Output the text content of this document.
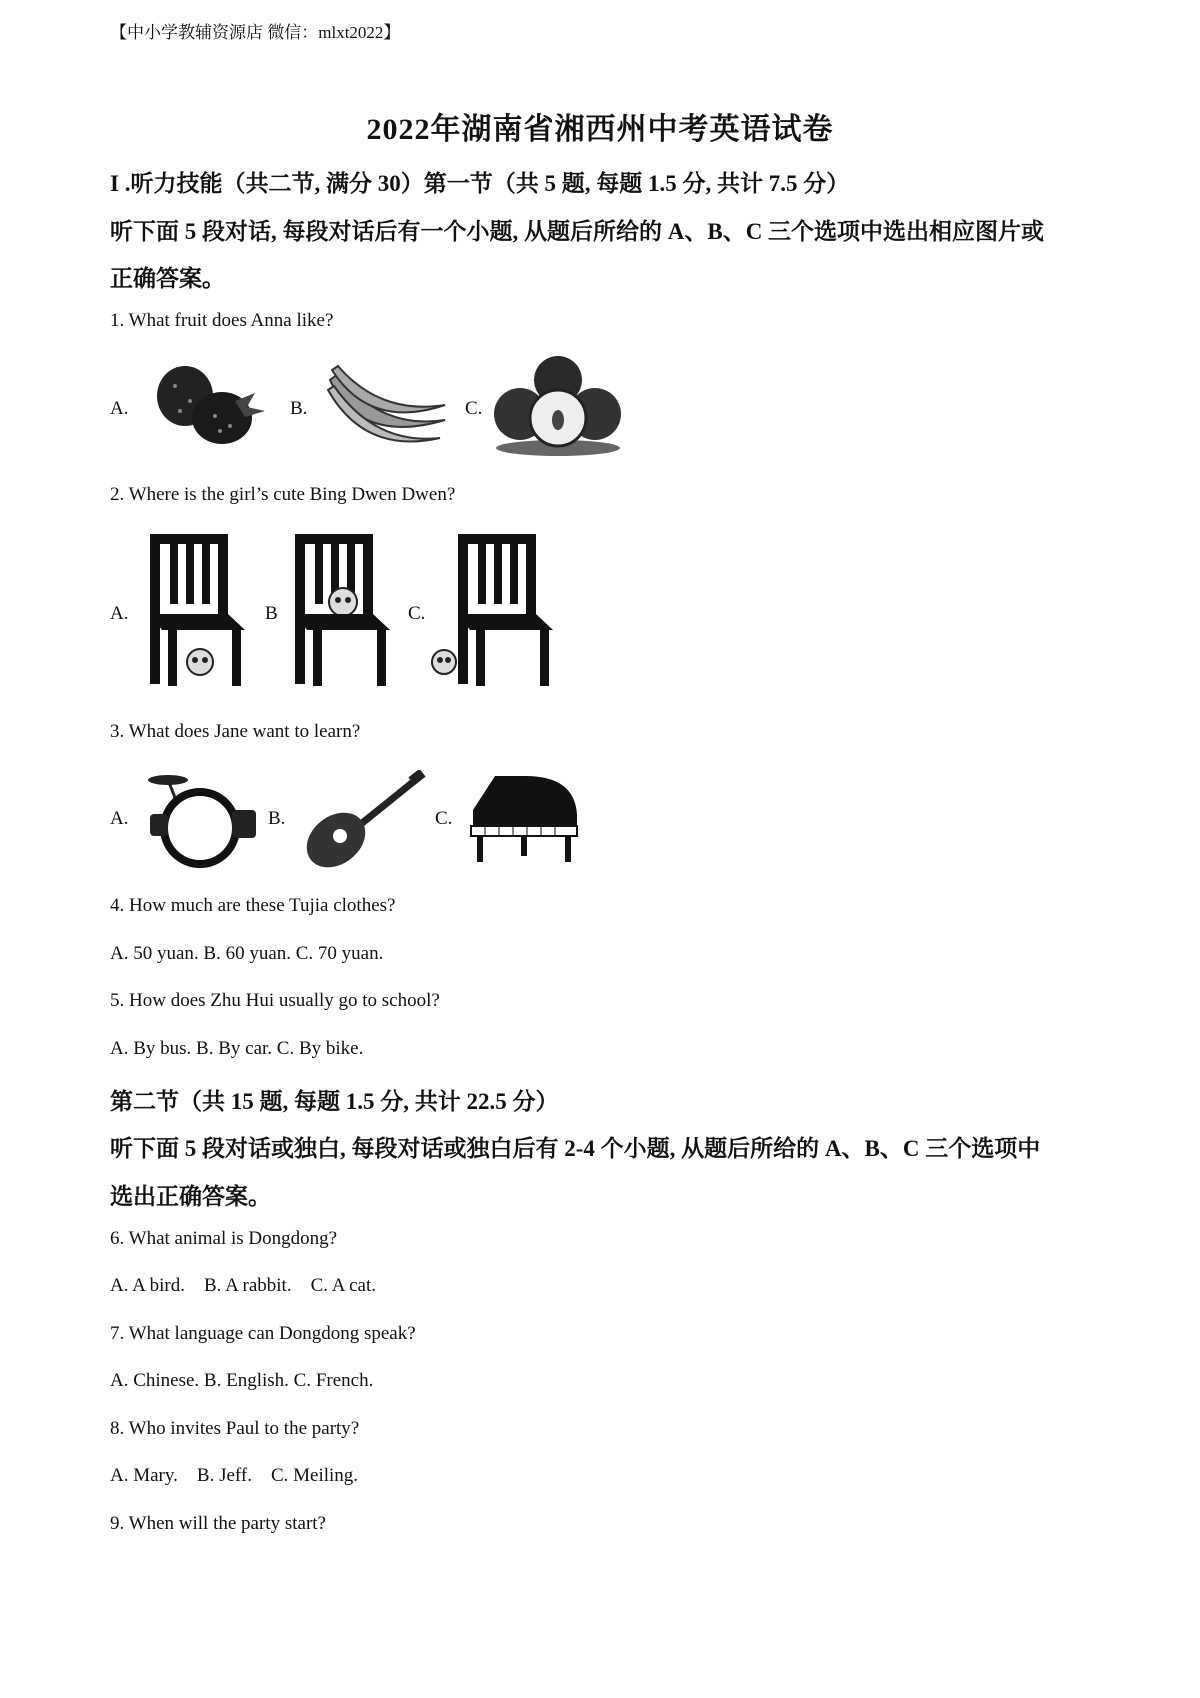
【中小学教辅资源店 微信：mlxt2022】
2022年湖南省湘西州中考英语试卷
I .听力技能（共二节, 满分 30）第一节（共 5 题, 每题 1.5 分, 共计 7.5 分）
听下面 5 段对话, 每段对话后有一个小题, 从题后所给的 A、B、C 三个选项中选出相应图片或
正确答案。
1. What fruit does Anna like?
A.	B.	C.
2. Where is the girl’s cute Bing Dwen Dwen?
A.	B	C.
3. What does Jane want to learn?
A.	B.	C.
4. How much are these Tujia clothes?
A. 50 yuan. B. 60 yuan. C. 70 yuan.
5. How does Zhu Hui usually go to school?
A. By bus. B. By car. C. By bike.
第二节（共 15 题, 每题 1.5 分, 共计 22.5 分）
听下面 5 段对话或独白, 每段对话或独白后有 2-4 个小题, 从题后所给的 A、B、C 三个选项中
选出正确答案。
6. What animal is Dongdong?
A. A bird.    B. A rabbit.    C. A cat.
7. What language can Dongdong speak?
A. Chinese. B. English. C. French.
8. Who invites Paul to the party?
A. Mary.    B. Jeff.    C. Meiling.
9. When will the party start?
